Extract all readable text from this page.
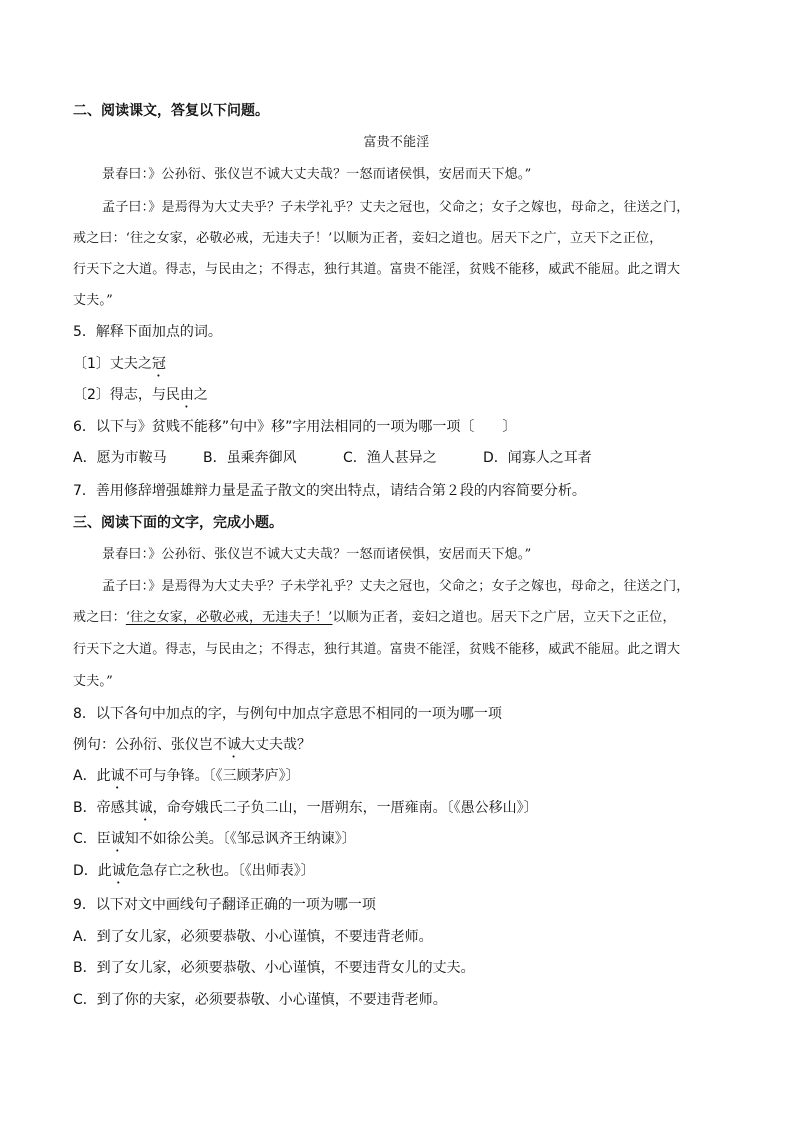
二、阅读课文，答复以下问题。
富贵不能淫
景春曰：》公孙衍、张仪岂不诚大丈夫哉？一怒而诸侯惧，安居而天下熄。”
孟子曰：》是焉得为大丈夫乎？子未学礼乎？丈夫之冠也，父命之；女子之嫁也，母命之，往送之门，
戒之曰：‘往之女家，必敬必戒，无违夫子！’以顺为正者，妾妇之道也。居天下之广，立天下之正位，
行天下之大道。得志，与民由之；不得志，独行其道。富贵不能淫，贫贱不能移，威武不能屈。此之谓大
丈夫。”
5．解释下面加点的词。
〔1〕丈夫之冠
〔2〕得志，与民由之
6．以下与》贫贱不能移”句中》移”字用法相同的一项为哪一项〔　　〕
A．愿为市鞍马	B．虽乘奔御风	C．渔人甚异之	D．闻寡人之耳者
7．善用修辞增强雄辩力量是孟子散文的突出特点，请结合第２段的内容简要分析。
三、阅读下面的文字，完成小题。
景春曰：》公孙衍、张仪岂不诚大丈夫哉？一怒而诸侯惧，安居而天下熄。”
孟子曰：》是焉得为大丈夫乎？子未学礼乎？丈夫之冠也，父命之；女子之嫁也，母命之，往送之门，
戒之曰：‘往之女家，必敬必戒，无违夫子！’以顺为正者，妾妇之道也。居天下之广居，立天下之正位，
行天下之大道。得志，与民由之；不得志，独行其道。富贵不能淫，贫贱不能移，威武不能屈。此之谓大
丈夫。”
8．以下各句中加点的字，与例句中加点字意思不相同的一项为哪一项
例句：公孙衍、张仪岂不诚大丈夫哉？
A．此诚不可与争锋。〔《三顾茅庐》〕
B．帝感其诚，命夸娥氏二子负二山，一厝朔东，一厝雍南。〔《愚公移山》〕
C．臣诚知不如徐公美。〔《邹忌讽齐王纳谏》〕
D．此诚危急存亡之秋也。〔《出师表》〕
9．以下对文中画线句子翻译正确的一项为哪一项
A．到了女儿家，必须要恭敬、小心谨慎，不要违背老师。
B．到了女儿家，必须要恭敬、小心谨慎，不要违背女儿的丈夫。
C．到了你的夫家，必须要恭敬、小心谨慎，不要违背老师。
